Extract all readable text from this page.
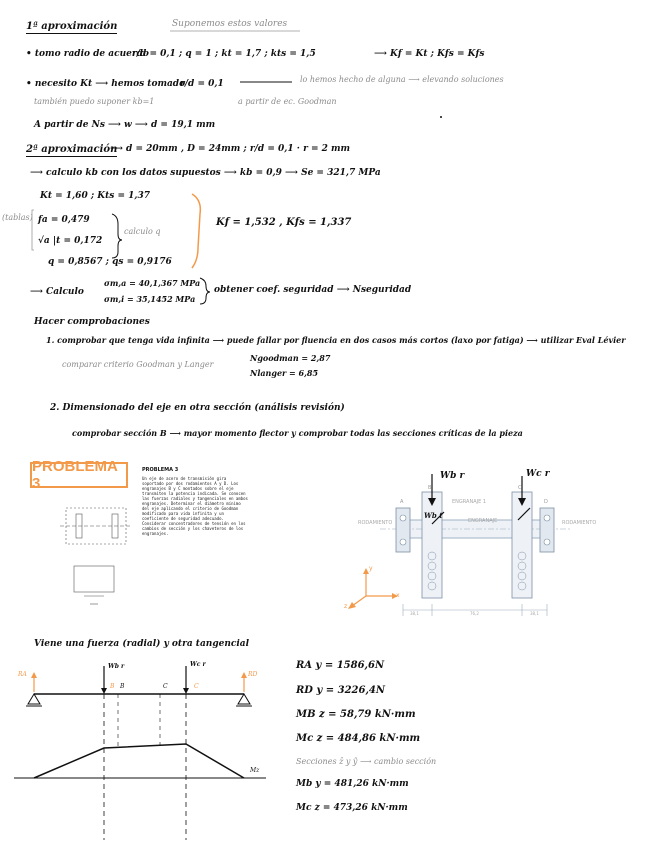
1ª aproximación	Suponemos estos valores
• tomo radio de acuerdo
r/d = 0,1 ; q = 1 ; kt = 1,7 ; kts = 1,5	⟶ Kf = Kt ; Kfs = Kfs
• necesito Kt ⟶ hemos tomado
r/d = 0,1	lo hemos hecho de alguna ⟶ elevando soluciones
también puedo suponer kb=1	a partir de ec. Goodman
A partir de Ns ⟶ w ⟶ d = 19,1 mm
2ª aproximación
⟶ d = 20mm , D = 24mm ; r/d = 0,1 · r = 2 mm
⟶ calculo kb con los datos supuestos ⟶ kb = 0,9 ⟶ Se = 321,7 MPa
Kt = 1,60 ; Kts = 1,37
(tablas) fa = 0,479
√a |t = 0,172
calculo q
q = 0,8567 ; qs = 0,9176
Kf = 1,532 , Kfs = 1,337
⟶ Calculo
σm,a = 40,1,367 MPa
σm,i = 35,1452 MPa
obtener coef. seguridad ⟶ Nseguridad
Hacer comprobaciones
1. comprobar que tenga vida infinita ⟶ puede fallar por fluencia en dos casos más cortos (laxo por fatiga) ⟶ utilizar Eval Lévier
comparar criterio Goodman y Langer
Ngoodman = 2,87
Nlanger = 6,85
2. Dimensionado del eje en otra sección (análisis revisión)
comprobar sección B ⟶ mayor momento flector y comprobar todas las secciones críticas de la pieza
PROBLEMA 3
PROBLEMA 3
Un eje de acero de transmisión gira soportado por dos rodamientos A y D. Los engranajes B y C montados sobre el eje transmiten la potencia indicada. Se conocen las fuerzas radiales y tangenciales en ambos engranajes. Determinar el diámetro mínimo del eje aplicando el criterio de Goodman modificado para vida infinita y un coeficiente de seguridad adecuado. Considerar concentradores de tensión en los cambios de sección y los chaveteros de los engranajes.
RODAMIENTO	RODAMIENTO
ENGRANAJE 1
ENGRANAJE
A
B	C
D
Wb r	Wc r
Wb t
x
y
z
38,1	76,2	38,1
Viene una fuerza (radial) y otra tangencial
RA	RD
Wb r	Wc r
B	C
B	C
Mz
RA y = 1586,6N
RD y = 3226,4N
MB z = 58,79 kN·mm
Mc z = 484,86 kN·mm
Secciones ẑ y ŷ ⟶ cambio sección
Mb y = 481,26 kN·mm
Mc z = 473,26 kN·mm
